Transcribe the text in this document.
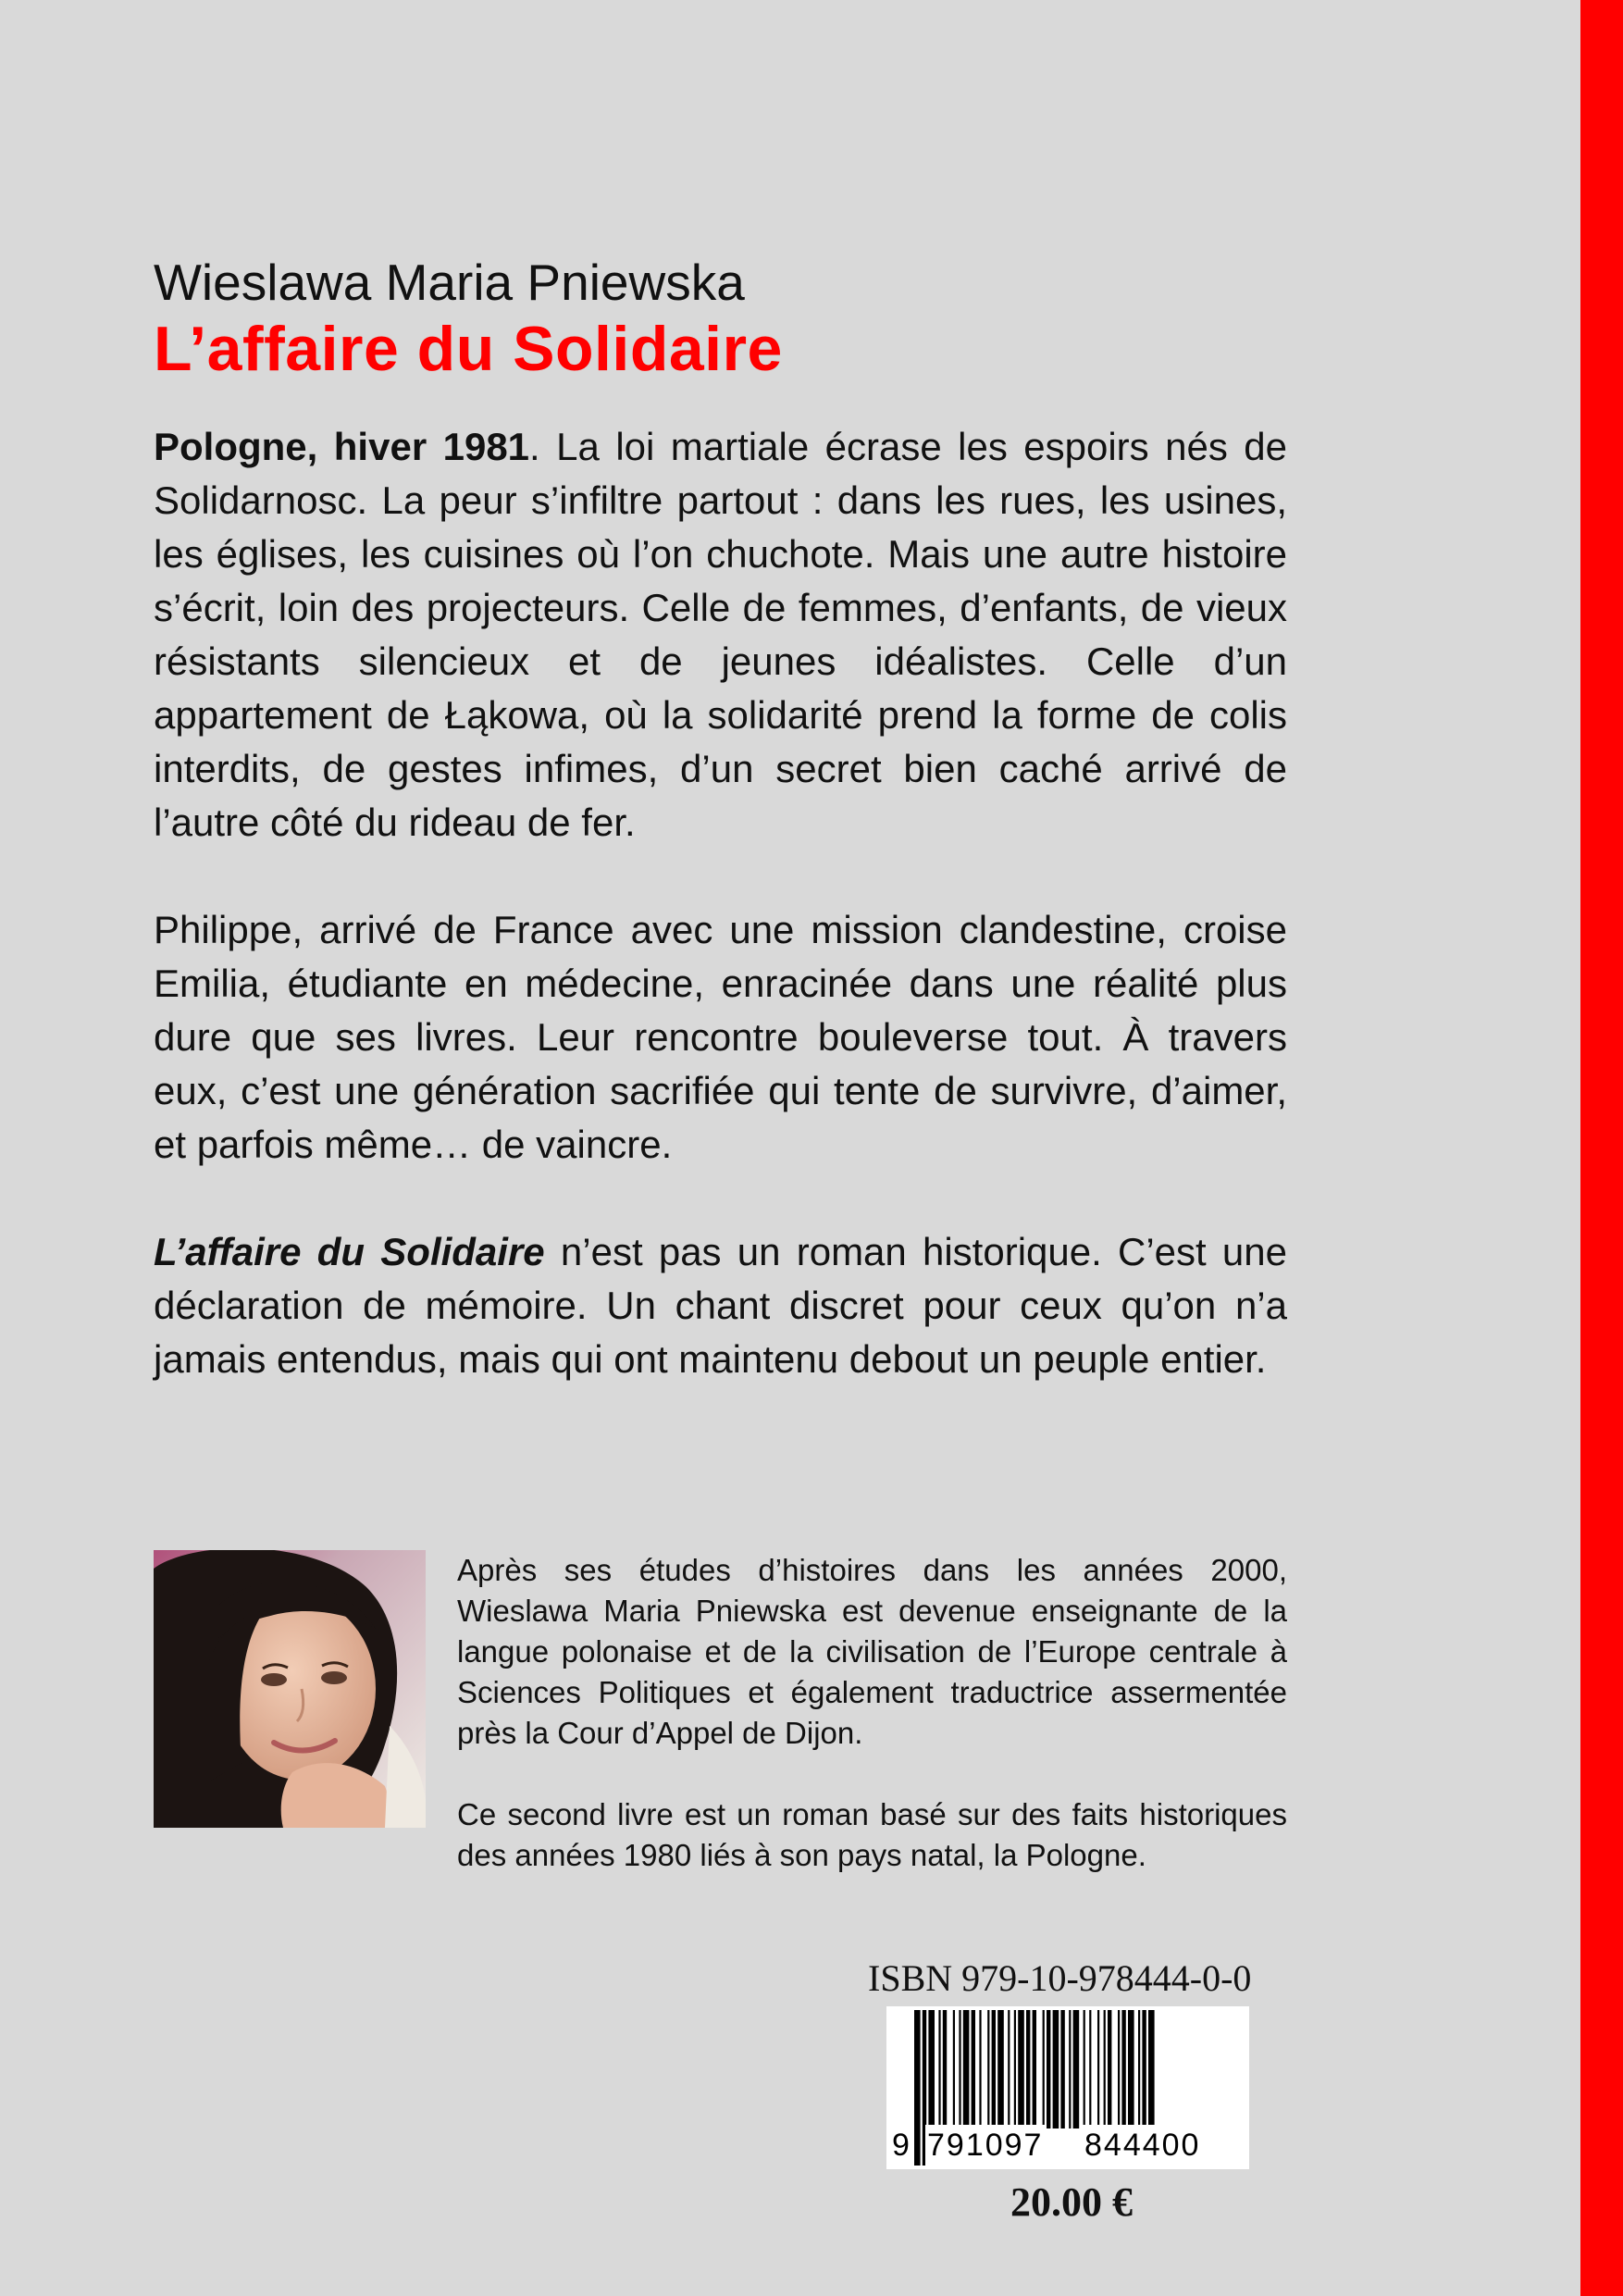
Wieslawa Maria Pniewska
L’affaire du Solidaire

Pologne, hiver 1981. La loi martiale écrase les espoirs nés de Solidarnosc. La peur s’infiltre partout : dans les rues, les usines, les églises, les cuisines où l’on chuchote. Mais une autre histoire s’écrit, loin des projecteurs. Celle de femmes, d’enfants, de vieux résistants silencieux et de jeunes idéalistes. Celle d’un appartement de Łąkowa, où la solidarité prend la forme de colis interdits, de gestes infimes, d’un secret bien caché arrivé de l’autre côté du rideau de fer.

Philippe, arrivé de France avec une mission clandestine, croise Emilia, étudiante en médecine, enracinée dans une réalité plus dure que ses livres. Leur rencontre bouleverse tout. À travers eux, c’est une génération sacrifiée qui tente de survivre, d’aimer, et parfois même… de vaincre.

L’affaire du Solidaire n’est pas un roman historique. C’est une déclaration de mémoire. Un chant discret pour ceux qu’on n’a jamais entendus, mais qui ont maintenu debout un peuple entier.

Après ses études d’histoires dans les années 2000, Wieslawa Maria Pniewska est devenue enseignante de la langue polonaise et de la civilisation de l’Europe centrale à Sciences Politiques et également traductrice assermentée près la Cour d’Appel de Dijon.

Ce second livre est un roman basé sur des faits historiques des années 1980 liés à son pays natal, la Pologne.

ISBN 979-10-978444-0-0

9 791097 844400
20.00 €
